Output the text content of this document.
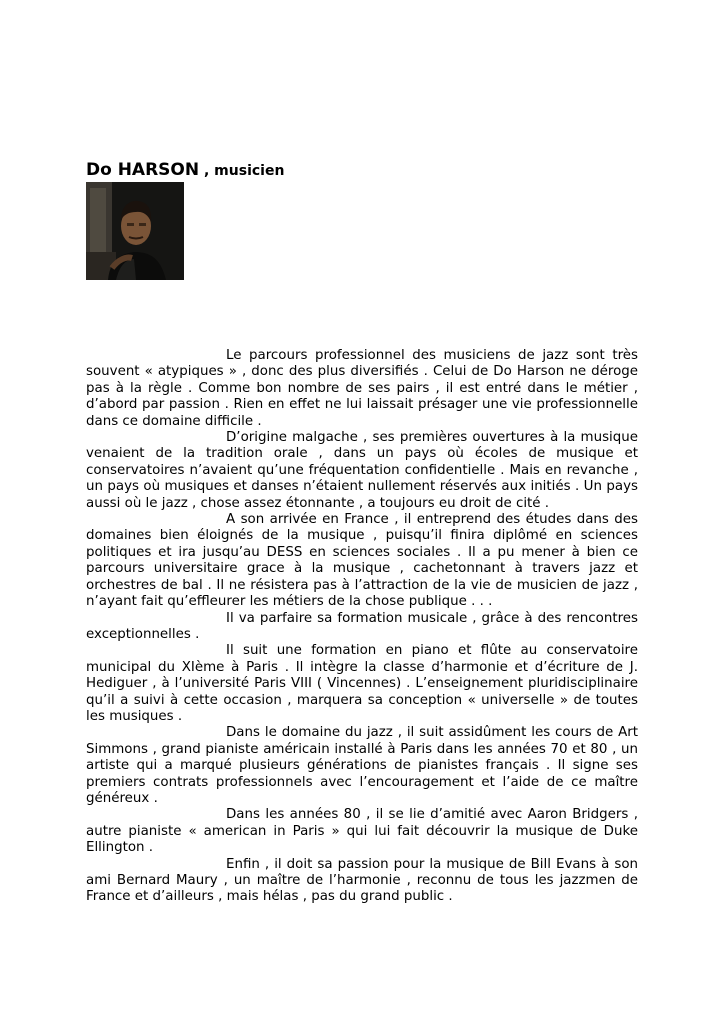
Do HARSON , musicien

Le parcours professionnel des musiciens de jazz sont très souvent « atypiques » , donc des plus diversifiés . Celui de Do Harson ne déroge pas à la règle . Comme bon nombre de ses pairs , il est entré dans le métier , d’abord par passion . Rien en effet ne lui laissait présager une vie professionnelle dans ce domaine difficile .

D’origine malgache , ses premières ouvertures à la musique venaient de la tradition orale , dans un pays où écoles de musique et conservatoires n’avaient qu’une fréquentation confidentielle . Mais en revanche , un pays où musiques et danses n’étaient nullement réservés aux initiés . Un pays aussi où le jazz , chose assez étonnante , a toujours eu droit de cité .

A son arrivée en France , il entreprend des études dans des domaines bien éloignés de la musique , puisqu’il finira diplômé en sciences politiques et ira jusqu’au DESS en sciences sociales . Il a pu mener à bien ce parcours universitaire grace à la musique , cachetonnant à travers jazz et orchestres de bal . Il ne résistera pas à l’attraction de la vie de musicien de jazz , n’ayant fait qu’effleurer les métiers de la chose publique . . .

Il va parfaire sa formation musicale , grâce à des rencontres exceptionnelles .

Il suit une formation en piano et flûte au conservatoire municipal du XIème à Paris . Il intègre la classe d’harmonie et d’écriture de J. Hediguer , à l’université Paris VIII ( Vincennes) . L’enseignement pluridisciplinaire qu’il a suivi à cette occasion , marquera sa conception « universelle » de toutes les musiques .

Dans le domaine du jazz , il suit assidûment les cours de Art Simmons , grand pianiste américain installé à Paris dans les années 70 et 80 , un artiste qui a marqué plusieurs générations de pianistes français . Il signe ses premiers contrats professionnels avec l’encouragement et l’aide de ce maître généreux .

Dans les années 80 , il se lie d’amitié avec Aaron Bridgers , autre pianiste « american in Paris » qui lui fait découvrir la musique de Duke Ellington .

Enfin , il doit sa passion pour la musique de Bill Evans à son ami Bernard Maury , un maître de l’harmonie , reconnu de tous les jazzmen de France et d’ailleurs , mais hélas , pas du grand public .
